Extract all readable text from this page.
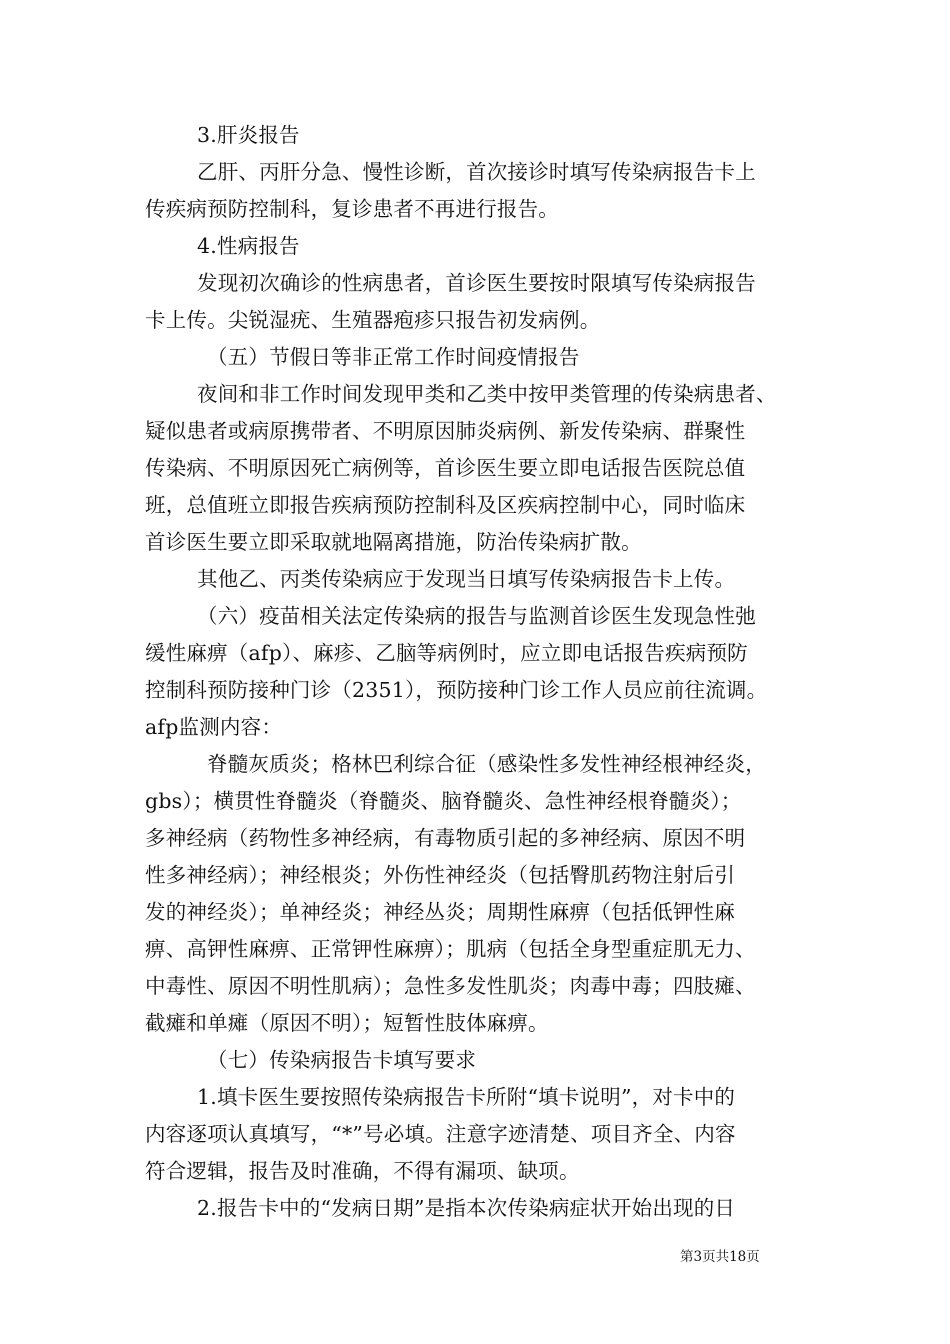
3.肝炎报告
乙肝、丙肝分急、慢性诊断，首次接诊时填写传染病报告卡上
传疾病预防控制科，复诊患者不再进行报告。
4.性病报告
发现初次确诊的性病患者，首诊医生要按时限填写传染病报告
卡上传。尖锐湿疣、生殖器疱疹只报告初发病例。
（五）节假日等非正常工作时间疫情报告
夜间和非工作时间发现甲类和乙类中按甲类管理的传染病患者、
疑似患者或病原携带者、不明原因肺炎病例、新发传染病、群聚性
传染病、不明原因死亡病例等，首诊医生要立即电话报告医院总值
班，总值班立即报告疾病预防控制科及区疾病控制中心，同时临床
首诊医生要立即采取就地隔离措施，防治传染病扩散。
其他乙、丙类传染病应于发现当日填写传染病报告卡上传。
（六）疫苗相关法定传染病的报告与监测首诊医生发现急性弛
缓性麻痹（afp）、麻疹、乙脑等病例时，应立即电话报告疾病预防
控制科预防接种门诊（2351），预防接种门诊工作人员应前往流调。
afp监测内容：
脊髓灰质炎；格林巴利综合征（感染性多发性神经根神经炎，
gbs）；横贯性脊髓炎（脊髓炎、脑脊髓炎、急性神经根脊髓炎）；
多神经病（药物性多神经病，有毒物质引起的多神经病、原因不明
性多神经病）；神经根炎；外伤性神经炎（包括臀肌药物注射后引
发的神经炎）；单神经炎；神经丛炎；周期性麻痹（包括低钾性麻
痹、高钾性麻痹、正常钾性麻痹）；肌病（包括全身型重症肌无力、
中毒性、原因不明性肌病）；急性多发性肌炎；肉毒中毒；四肢瘫、
截瘫和单瘫（原因不明）；短暂性肢体麻痹。
（七）传染病报告卡填写要求
1.填卡医生要按照传染病报告卡所附“填卡说明”，对卡中的
内容逐项认真填写，“*”号必填。注意字迹清楚、项目齐全、内容
符合逻辑，报告及时准确，不得有漏项、缺项。
2.报告卡中的“发病日期”是指本次传染病症状开始出现的日
第3页共18页
